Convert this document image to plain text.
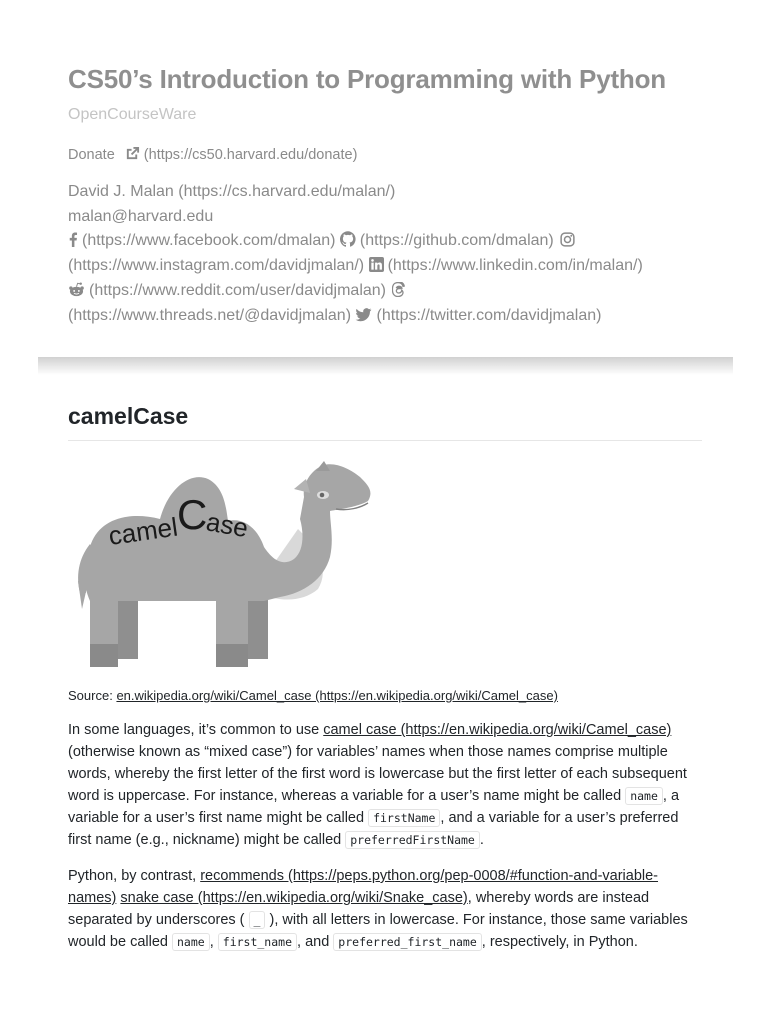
CS50’s Introduction to Programming with Python
OpenCourseWare
Donate (https://cs50.harvard.edu/donate)
David J. Malan (https://cs.harvard.edu/malan/)
malan@harvard.edu
(https://www.facebook.com/dmalan) (https://github.com/dmalan)

(https://www.instagram.com/davidjmalan/) (https://www.linkedin.com/in/malan/)

(https://www.reddit.com/user/davidjmalan)

(https://www.threads.net/@davidjmalan) (https://twitter.com/davidjmalan)
camelCase
camel
C
ase
Source: en.wikipedia.org/wiki/Camel_case (https://en.wikipedia.org/wiki/Camel_case)

In some languages, it’s common to use camel case (https://en.wikipedia.org/wiki/Camel_case) (otherwise known as “mixed case”) for variables’ names when those names comprise multiple words, whereby the first letter of the first word is lowercase but the first letter of each subsequent word is uppercase. For instance, whereas a variable for a user’s name might be called name , a variable for a user’s first name might be called firstName , and a variable for a user’s preferred first name (e.g., nickname) might be called preferredFirstName .

Python, by contrast, recommends (https://peps.python.org/pep-0008/#function-and-variable-names) snake case (https://en.wikipedia.org/wiki/Snake_case), whereby words are instead separated by underscores ( _ ), with all letters in lowercase. For instance, those same variables would be called name , first_name , and preferred_first_name , respectively, in Python.
